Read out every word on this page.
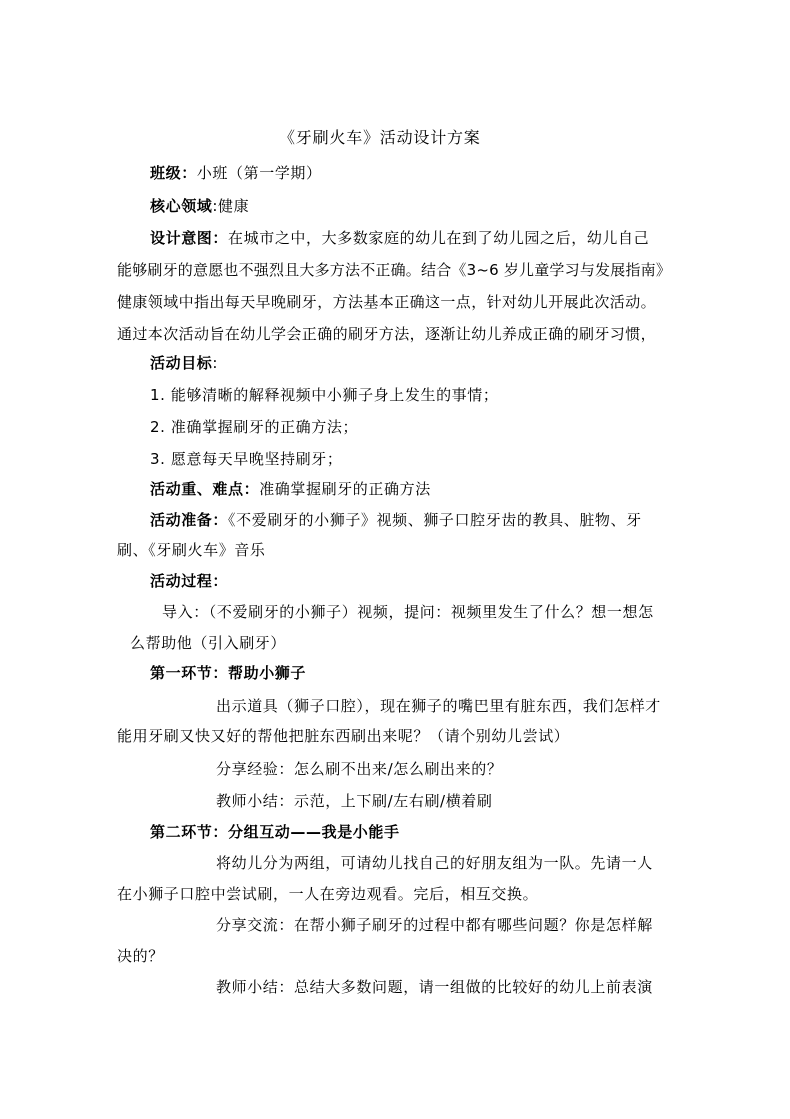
《牙刷火车》活动设计方案
班级：小班（第一学期）
核心领域:健康
设计意图：在城市之中，大多数家庭的幼儿在到了幼儿园之后，幼儿自己
能够刷牙的意愿也不强烈且大多方法不正确。结合《3~6 岁儿童学习与发展指南》
健康领域中指出每天早晚刷牙，方法基本正确这一点，针对幼儿开展此次活动。
通过本次活动旨在幼儿学会正确的刷牙方法，逐渐让幼儿养成正确的刷牙习惯，
活动目标:
1. 能够清晰的解释视频中小狮子身上发生的事情；
2. 准确掌握刷牙的正确方法；
3. 愿意每天早晚坚持刷牙；
活动重、难点：准确掌握刷牙的正确方法
活动准备：《不爱刷牙的小狮子》视频、狮子口腔牙齿的教具、脏物、牙
刷、《牙刷火车》音乐
活动过程：
导入：（不爱刷牙的小狮子）视频，提问：视频里发生了什么？想一想怎
么帮助他（引入刷牙）
第一环节：帮助小狮子
出示道具（狮子口腔），现在狮子的嘴巴里有脏东西，我们怎样才
能用牙刷又快又好的帮他把脏东西刷出来呢？（请个别幼儿尝试）
分享经验：怎么刷不出来/怎么刷出来的？
教师小结：示范，上下刷/左右刷/横着刷
第二环节：分组互动——我是小能手
将幼儿分为两组，可请幼儿找自己的好朋友组为一队。先请一人
在小狮子口腔中尝试刷，一人在旁边观看。完后，相互交换。
分享交流：在帮小狮子刷牙的过程中都有哪些问题？你是怎样解
决的？
教师小结：总结大多数问题，请一组做的比较好的幼儿上前表演
